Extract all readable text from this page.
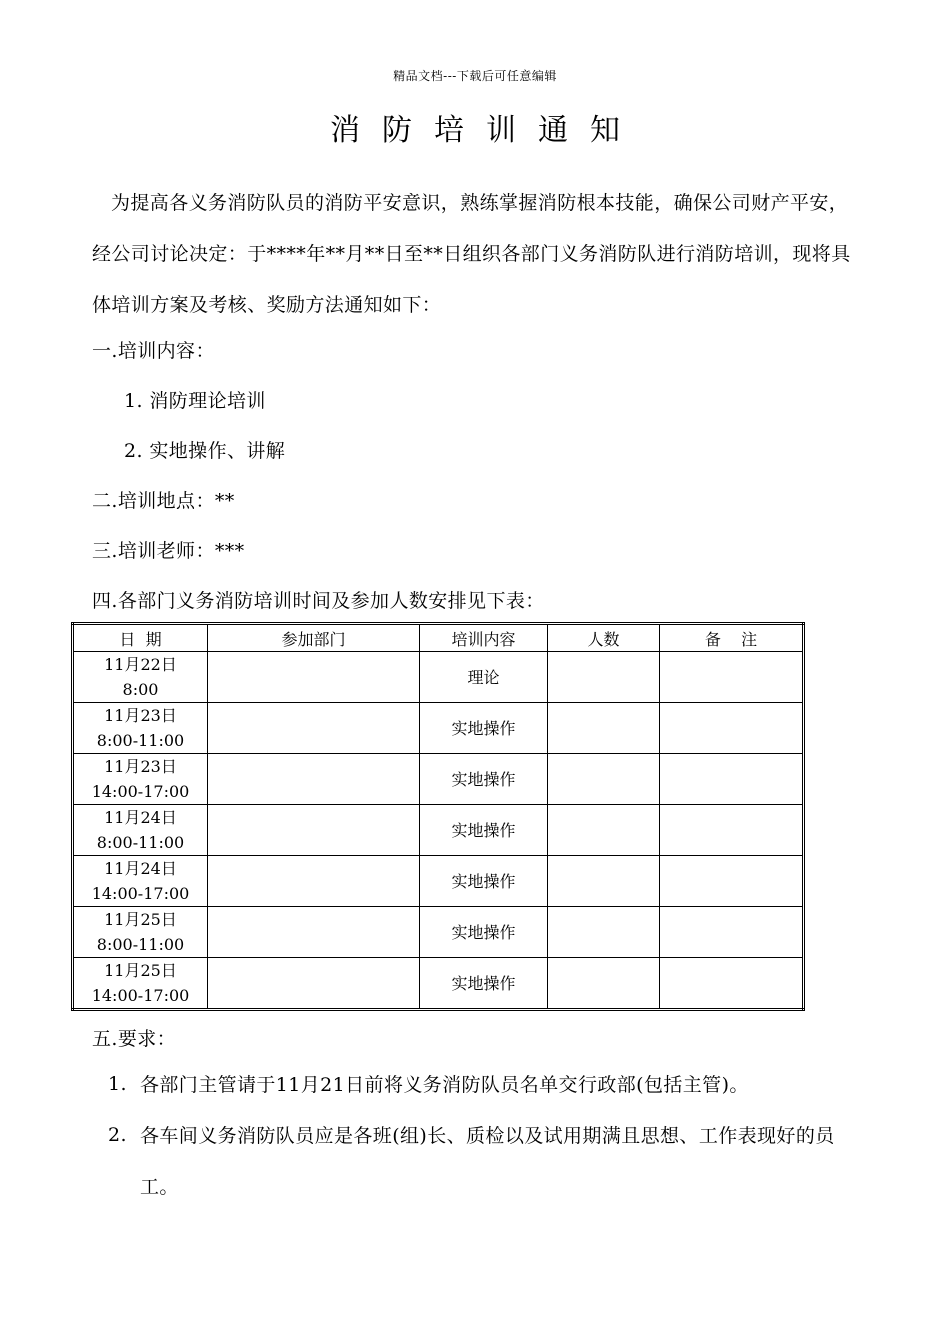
精品文档---下载后可任意编辑
消防培训通知

为提高各义务消防队员的消防平安意识，熟练掌握消防根本技能，确保公司财产平安，经公司讨论决定：于****年**月**日至**日组织各部门义务消防队进行消防培训，现将具体培训方案及考核、奖励方法通知如下：

一.培训内容：
1. 消防理论培训
2. 实地操作、讲解
二.培训地点：**
三.培训老师：***
四.各部门义务消防培训时间及参加人数安排见下表：
日  期	参加部门	培训内容	人数	备    注

11月22日
8:00		理论		

11月23日
8:00-11:00		实地操作		

11月23日
14:00-17:00		实地操作		

11月24日
8:00-11:00		实地操作		

11月24日
14:00-17:00		实地操作		

11月25日
8:00-11:00		实地操作		

11月25日
14:00-17:00		实地操作		
五.要求：
1. 各部门主管请于11月21日前将义务消防队员名单交行政部(包括主管)。
2. 各车间义务消防队员应是各班(组)长、质检以及试用期满且思想、工作表现好的员工。
